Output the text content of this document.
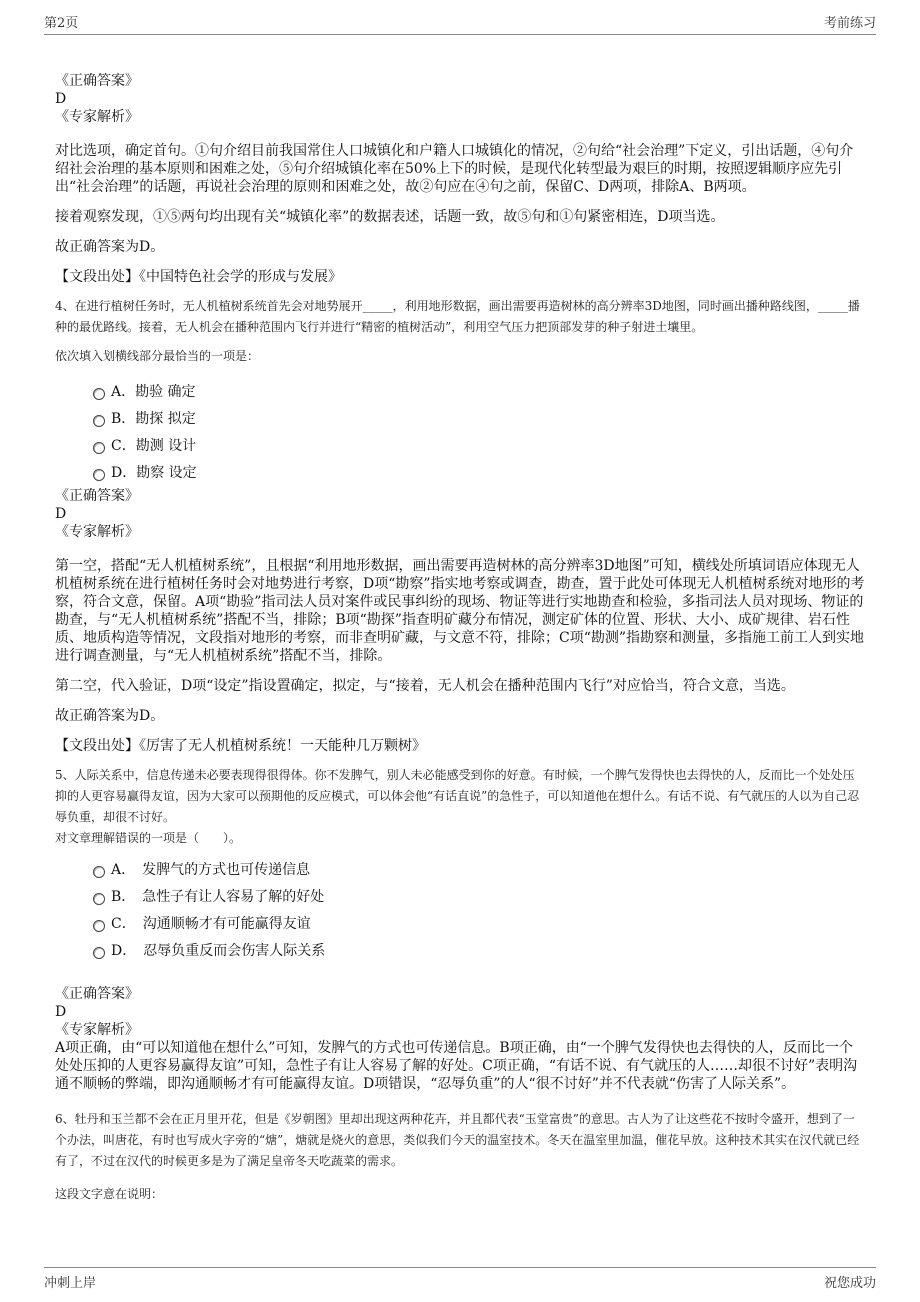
第2页	考前练习
《正确答案》
D
《专家解析》

对比选项，确定首句。①句介绍目前我国常住人口城镇化和户籍人口城镇化的情况，②句给“社会治理”下定义，引出话题，④句介绍社会治理的基本原则和困难之处，⑤句介绍城镇化率在50%上下的时候，是现代化转型最为艰巨的时期，按照逻辑顺序应先引出“社会治理”的话题，再说社会治理的原则和困难之处，故②句应在④句之前，保留C、D两项，排除A、B两项。

接着观察发现，①⑤两句均出现有关“城镇化率”的数据表述，话题一致，故⑤句和①句紧密相连，D项当选。

故正确答案为D。

【文段出处】《中国特色社会学的形成与发展》

4、在进行植树任务时，无人机植树系统首先会对地势展开_____，利用地形数据，画出需要再造树林的高分辨率3D地图，同时画出播种路线图，_____播种的最优路线。接着，无人机会在播种范围内飞行并进行“精密的植树活动”，利用空气压力把顶部发芽的种子射进土壤里。

依次填入划横线部分最恰当的一项是：

A．勘验 确定
B．勘探 拟定
C．勘测 设计
D．勘察 设定
《正确答案》
D
《专家解析》

第一空，搭配“无人机植树系统”，且根据“利用地形数据，画出需要再造树林的高分辨率3D地图”可知，横线处所填词语应体现无人机植树系统在进行植树任务时会对地势进行考察，D项“勘察”指实地考察或调查，勘查，置于此处可体现无人机植树系统对地形的考察，符合文意，保留。A项“勘验”指司法人员对案件或民事纠纷的现场、物证等进行实地勘查和检验，多指司法人员对现场、物证的勘查，与“无人机植树系统”搭配不当，排除；B项“勘探”指查明矿藏分布情况，测定矿体的位置、形状、大小、成矿规律、岩石性质、地质构造等情况，文段指对地形的考察，而非查明矿藏，与文意不符，排除；C项“勘测”指勘察和测量，多指施工前工人到实地进行调查测量，与“无人机植树系统”搭配不当，排除。

第二空，代入验证，D项“设定”指设置确定，拟定，与“接着，无人机会在播种范围内飞行”对应恰当，符合文意，当选。

故正确答案为D。

【文段出处】《厉害了无人机植树系统！一天能种几万颗树》

5、人际关系中，信息传递未必要表现得很得体。你不发脾气，别人未必能感受到你的好意。有时候，一个脾气发得快也去得快的人，反而比一个处处压抑的人更容易赢得友谊，因为大家可以预期他的反应模式，可以体会他“有话直说”的急性子，可以知道他在想什么。有话不说、有气就压的人以为自己忍辱负重，却很不讨好。

对文章理解错误的一项是（　　）。

A．　发脾气的方式也可传递信息
B．　急性子有让人容易了解的好处
C．　沟通顺畅才有可能赢得友谊
D．　忍辱负重反而会伤害人际关系
《正确答案》
D
《专家解析》

A项正确，由“可以知道他在想什么”可知，发脾气的方式也可传递信息。B项正确，由“一个脾气发得快也去得快的人，反而比一个处处压抑的人更容易赢得友谊”可知，急性子有让人容易了解的好处。C项正确，“有话不说、有气就压的人……却很不讨好”表明沟通不顺畅的弊端，即沟通顺畅才有可能赢得友谊。D项错误，“忍辱负重”的人“很不讨好”并不代表就“伤害了人际关系”。

6、牡丹和玉兰都不会在正月里开花，但是《岁朝图》里却出现这两种花卉，并且都代表“玉堂富贵”的意思。古人为了让这些花不按时令盛开，想到了一个办法，叫唐花，有时也写成火字旁的“煻”，煻就是烧火的意思，类似我们今天的温室技术。冬天在温室里加温，催花早放。这种技术其实在汉代就已经有了，不过在汉代的时候更多是为了满足皇帝冬天吃蔬菜的需求。

这段文字意在说明：

冲刺上岸	祝您成功
